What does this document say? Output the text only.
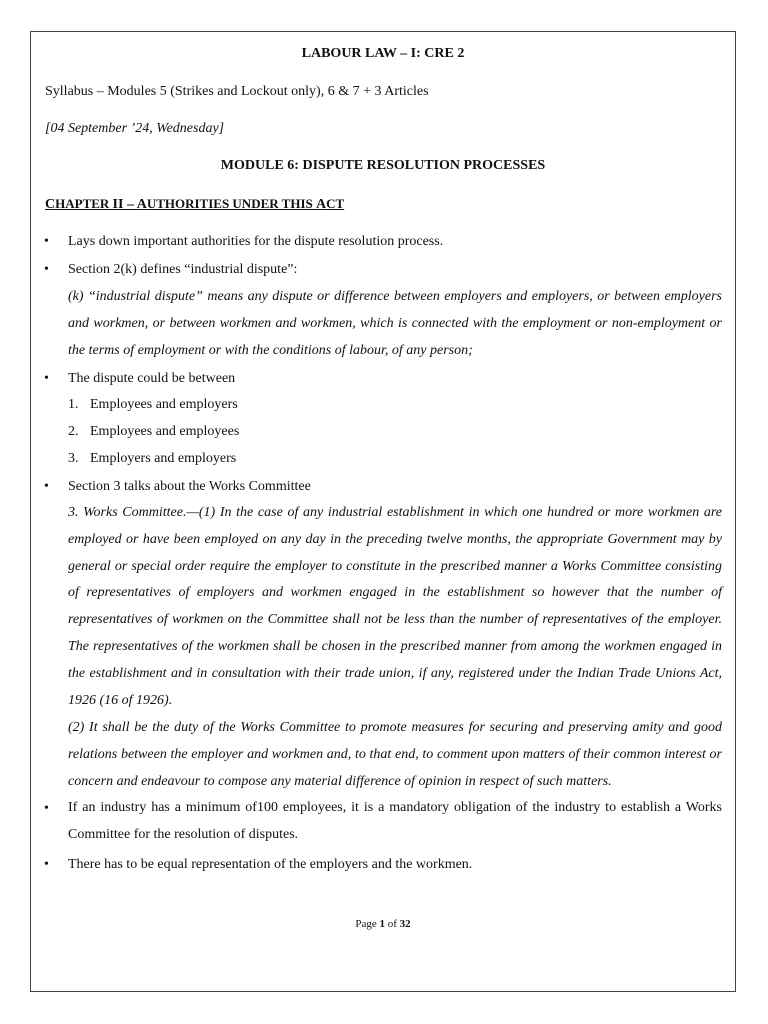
LABOUR LAW – I: CRE 2
Syllabus – Modules 5 (Strikes and Lockout only), 6 & 7 + 3 Articles
[04 September ’24, Wednesday]
MODULE 6: DISPUTE RESOLUTION PROCESSES
CHAPTER II – AUTHORITIES UNDER THIS ACT
•	Lays down important authorities for the dispute resolution process.
•	Section 2(k) defines “industrial dispute”:
(k) “industrial dispute” means any dispute or difference between employers and employers, or between employers and workmen, or between workmen and workmen, which is connected with the employment or non-employment or the terms of employment or with the conditions of labour, of any person;
•	The dispute could be between
1. Employees and employers
2. Employees and employees
3. Employers and employers
•	Section 3 talks about the Works Committee
3. Works Committee.—(1) In the case of any industrial establishment in which one hundred or more workmen are employed or have been employed on any day in the preceding twelve months, the appropriate Government may by general or special order require the employer to constitute in the prescribed manner a Works Committee consisting of representatives of employers and workmen engaged in the establishment so however that the number of representatives of workmen on the Committee shall not be less than the number of representatives of the employer. The representatives of the workmen shall be chosen in the prescribed manner from among the workmen engaged in the establishment and in consultation with their trade union, if any, registered under the Indian Trade Unions Act, 1926 (16 of 1926).
(2) It shall be the duty of the Works Committee to promote measures for securing and preserving amity and good relations between the employer and workmen and, to that end, to comment upon matters of their common interest or concern and endeavour to compose any material difference of opinion in respect of such matters.
•	If an industry has a minimum of100 employees, it is a mandatory obligation of the industry to establish a Works Committee for the resolution of disputes.
•	There has to be equal representation of the employers and the workmen.
Page 1 of 32
